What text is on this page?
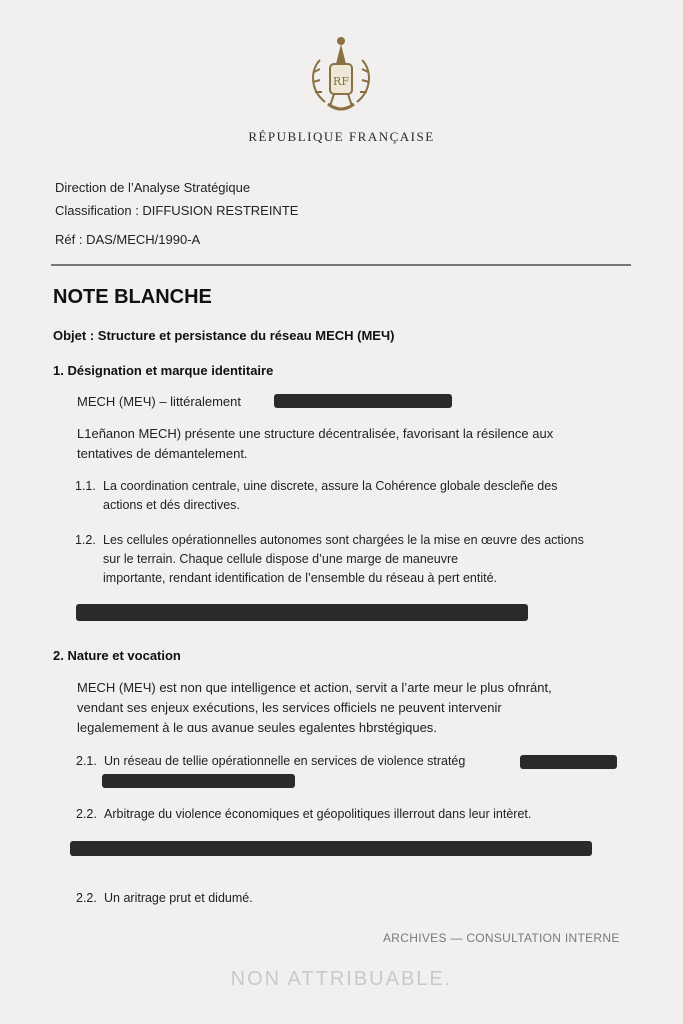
RF
RÉPUBLIQUE FRANÇAISE
Direction de l’Analyse Stratégique
Classification : DIFFUSION RESTREINTE
Réf : DAS/MECH/1990-A
NOTE BLANCHE
Objet : Structure et persistance du réseau MECH (MEЧ)
1. Désignation et marque identitaire
MECH (MEЧ) – littéralement
L1eñanon MECH) présente une structure décentralisée, favorisant la résilence aux
tentatives de démantelement.
1.1. La coordination centrale, uine discrete, assure la Cohérence globale descleñe des
actions et dés directives.
1.2. Les cellules opérationnelles autonomes sont chargées le la mise en œuvre des actions
sur le terrain. Chaque cellule dispose d’une marge de maneuvre
importante, rendant identification de l’ensemble du réseau à pert entité.
2. Nature et vocation
MECH (MEЧ) est non que intelligence et action, servit a l’arte meur le plus ofnránt,
vendant ses enjeux exécutions, les services officiels ne peuvent intervenir
legalemement à le ɑus avanue seules egalentes hbrstégiques.
2.1. Un réseau de tellie opérationnelle en services de violence stratég
2.2. Arbitrage du violence économiques et géopolitiques illerrout dans leur intèret.
2.2. Un aritrage prut et didumé.
ARCHIVES — CONSULTATION INTERNE
NON ATTRIBUABLE.
